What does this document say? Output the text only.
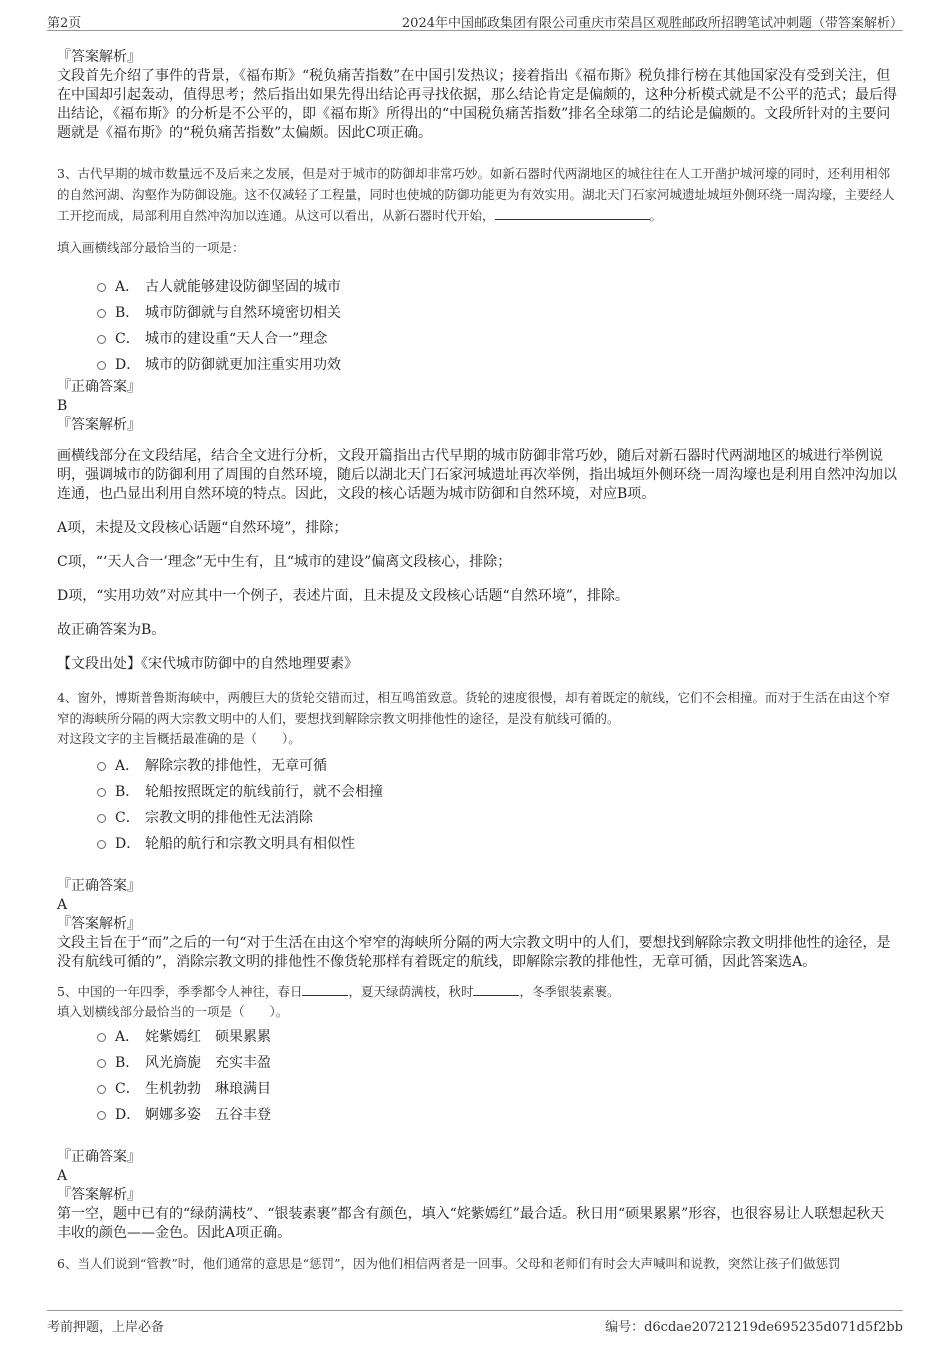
第2页	2024年中国邮政集团有限公司重庆市荣昌区观胜邮政所招聘笔试冲刺题（带答案解析）

『答案解析』

文段首先介绍了事件的背景，《福布斯》“税负痛苦指数”在中国引发热议；接着指出《福布斯》税负排行榜在其他国家没有受到关注，但在中国却引起轰动，值得思考；然后指出如果先得出结论再寻找依据，那么结论肯定是偏颇的，这种分析模式就是不公平的范式；最后得出结论，《福布斯》的分析是不公平的，即《福布斯》所得出的“中国税负痛苦指数”排名全球第二的结论是偏颇的。文段所针对的主要问题就是《福布斯》的“税负痛苦指数”太偏颇。因此C项正确。

3、古代早期的城市数量远不及后来之发展，但是对于城市的防御却非常巧妙。如新石器时代两湖地区的城往往在人工开凿护城河壕的同时，还利用相邻的自然河湖、沟壑作为防御设施。这不仅减轻了工程量，同时也使城的防御功能更为有效实用。湖北天门石家河城遗址城垣外侧环绕一周沟壕，主要经人工开挖而成，局部利用自然冲沟加以连通。从这可以看出，从新石器时代开始，	。

填入画横线部分最恰当的一项是：

A． 古人就能够建设防御坚固的城市
B． 城市防御就与自然环境密切相关
C． 城市的建设重“天人合一”理念
D． 城市的防御就更加注重实用功效

『正确答案』

B

『答案解析』

画横线部分在文段结尾，结合全文进行分析，文段开篇指出古代早期的城市防御非常巧妙，随后对新石器时代两湖地区的城进行举例说明，强调城市的防御利用了周围的自然环境，随后以湖北天门石家河城遗址再次举例，指出城垣外侧环绕一周沟壕也是利用自然冲沟加以连通，也凸显出利用自然环境的特点。因此，文段的核心话题为城市防御和自然环境，对应B项。

A项，未提及文段核心话题“自然环境”，排除；

C项，“‘天人合一’理念”无中生有，且“城市的建设”偏离文段核心，排除；

D项，“实用功效”对应其中一个例子，表述片面，且未提及文段核心话题“自然环境”，排除。

故正确答案为B。

【文段出处】《宋代城市防御中的自然地理要素》

4、窗外，博斯普鲁斯海峡中，两艘巨大的货轮交错而过，相互鸣笛致意。货轮的速度很慢，却有着既定的航线，它们不会相撞。而对于生活在由这个窄窄的海峡所分隔的两大宗教文明中的人们，要想找到解除宗教文明排他性的途径，是没有航线可循的。

对这段文字的主旨概括最准确的是（　　）。

A． 解除宗教的排他性，无章可循
B． 轮船按照既定的航线前行，就不会相撞
C． 宗教文明的排他性无法消除
D． 轮船的航行和宗教文明具有相似性

『正确答案』

A

『答案解析』

文段主旨在于“而”之后的一句“对于生活在由这个窄窄的海峡所分隔的两大宗教文明中的人们，要想找到解除宗教文明排他性的途径，是没有航线可循的”，消除宗教文明的排他性不像货轮那样有着既定的航线，即解除宗教的排他性，无章可循，因此答案选A。

5、中国的一年四季，季季都令人神往，春日	，夏天绿荫满枝，秋时	，冬季银装素裹。

填入划横线部分最恰当的一项是（　　）。

A． 姹紫嫣红　硕果累累
B． 风光旖旎　充实丰盈
C． 生机勃勃　琳琅满目
D． 婀娜多姿　五谷丰登

『正确答案』

A

『答案解析』

第一空，题中已有的“绿荫满枝”、“银装素裹”都含有颜色，填入“姹紫嫣红”最合适。秋日用“硕果累累”形容，也很容易让人联想起秋天丰收的颜色——金色。因此A项正确。

6、当人们说到“管教”时，他们通常的意思是“惩罚”，因为他们相信两者是一回事。父母和老师们有时会大声喊叫和说教，突然让孩子们做惩罚

考前押题，上岸必备	编号：d6cdae20721219de695235d071d5f2bb
